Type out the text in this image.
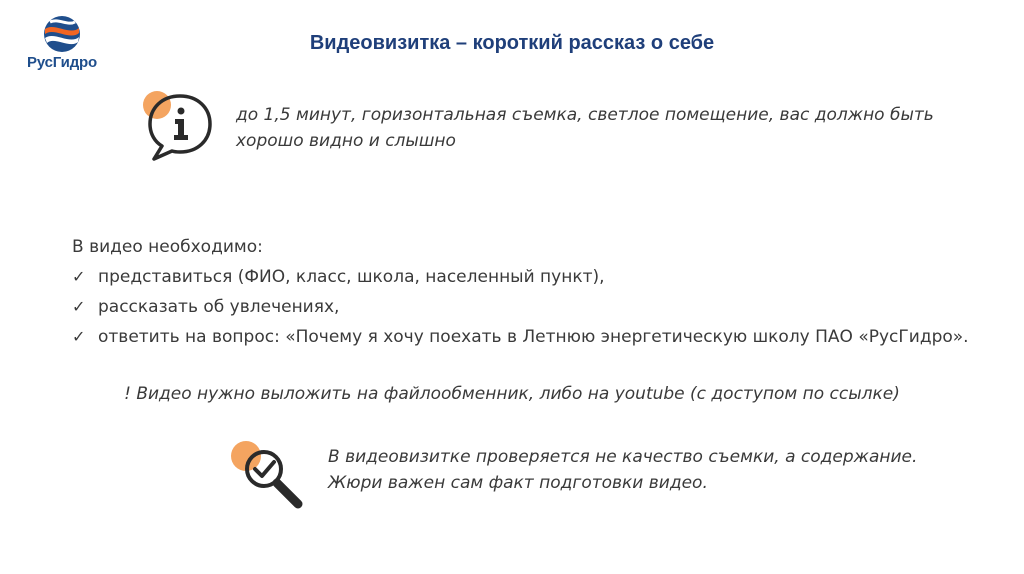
РусГидро
Видеовизитка – короткий рассказ о себе
до 1,5 минут, горизонтальная съемка, светлое помещение, вас должно быть хорошо видно и слышно
В видео необходимо:
✓ представиться (ФИО, класс, школа, населенный пункт),
✓ рассказать об увлечениях,
✓ ответить на вопрос: «Почему я хочу поехать в Летнюю энергетическую школу ПАО «РусГидро».
! Видео нужно выложить на файлообменник, либо на youtube (с доступом по ссылке)
В видеовизитке проверяется не качество съемки, а содержание. Жюри важен сам факт подготовки видео.
